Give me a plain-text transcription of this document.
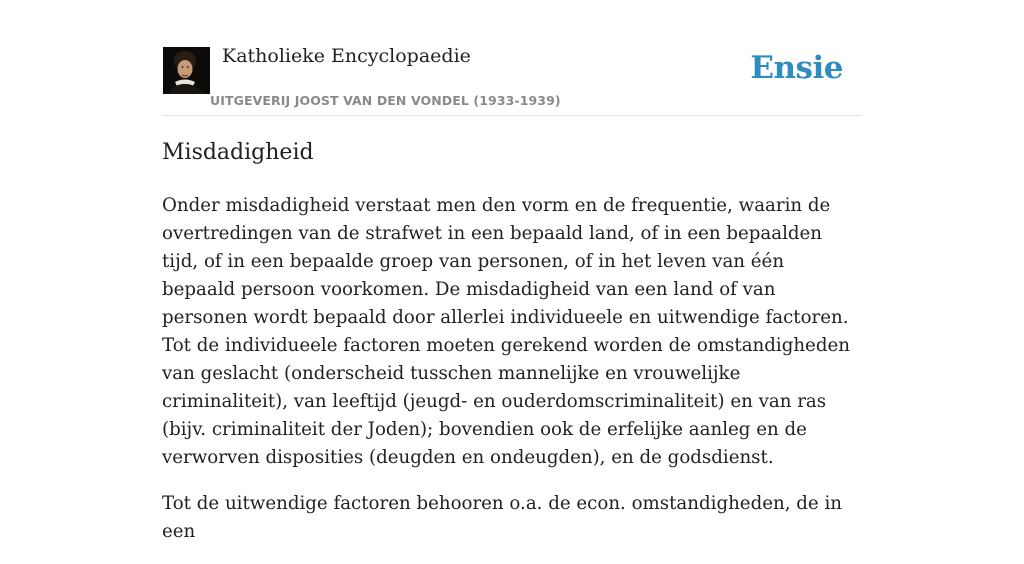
Katholieke Encyclopaedie
UITGEVERIJ JOOST VAN DEN VONDEL (1933-1939)
Ensie
Misdadigheid

Onder misdadigheid verstaat men den vorm en de frequentie, waarin de overtredingen van de strafwet in een bepaald land, of in een bepaalden tijd, of in een bepaalde groep van personen, of in het leven van één bepaald persoon voorkomen. De misdadigheid van een land of van personen wordt bepaald door allerlei individueele en uitwendige factoren. Tot de individueele factoren moeten gerekend worden de omstandigheden van geslacht (onderscheid tusschen mannelijke en vrouwelijke criminaliteit), van leeftijd (jeugd- en ouderdomscriminaliteit) en van ras (bijv. criminaliteit der Joden); bovendien ook de erfelijke aanleg en de verworven disposities (deugden en ondeugden), en de godsdienst.

Tot de uitwendige factoren behooren o.a. de econ. omstandigheden, de in een
